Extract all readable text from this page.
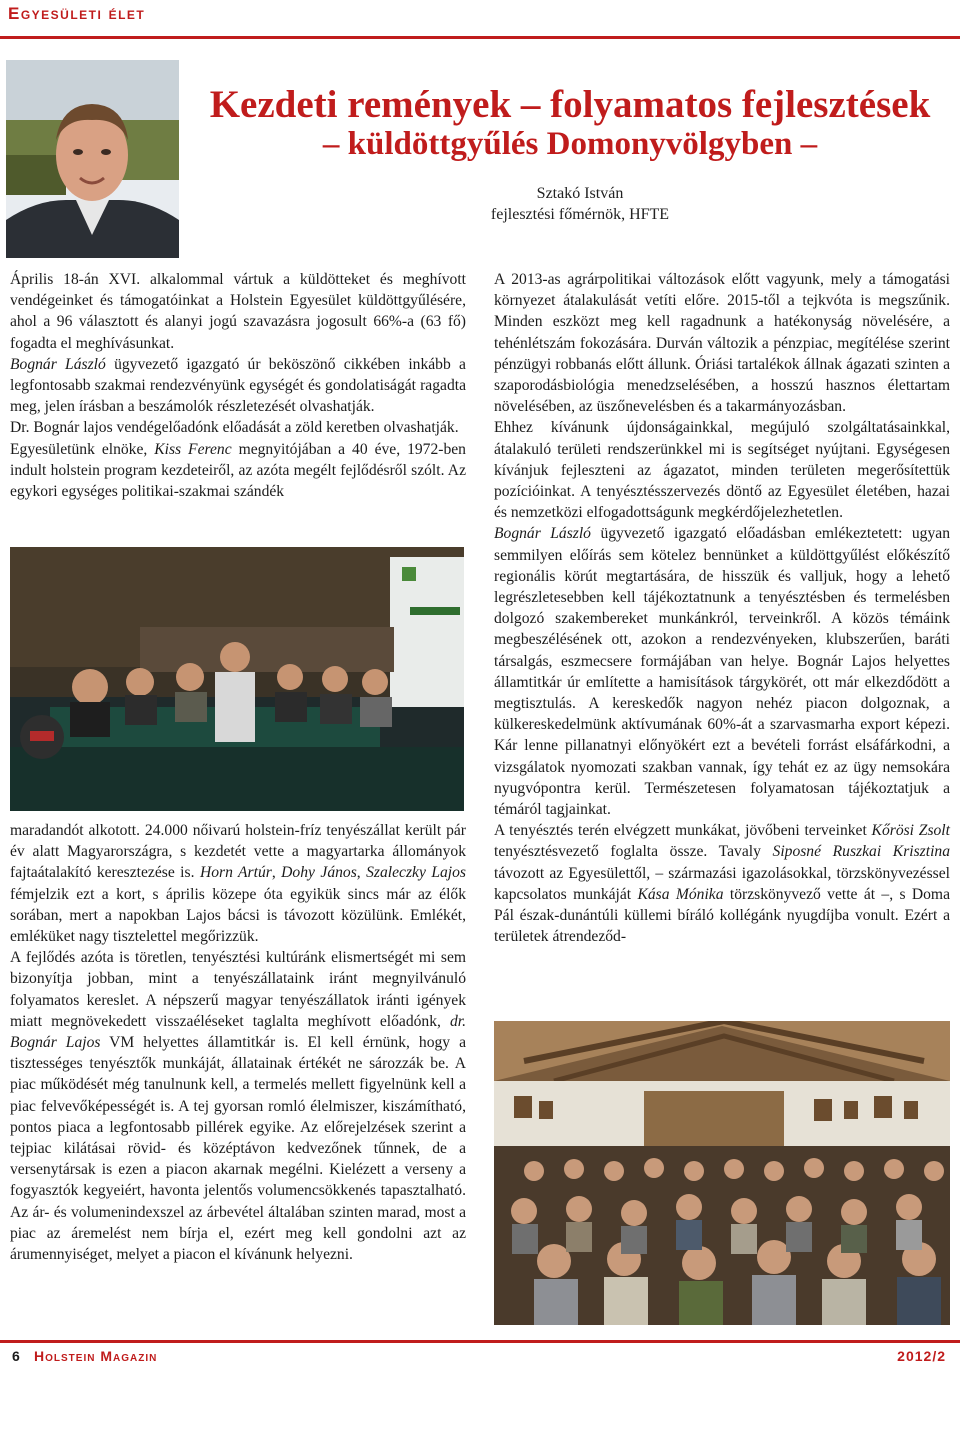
Egyesületi élet
Kezdeti remények – folyamatos fejlesztések
– küldöttgyűlés Domonyvölgyben –
Sztakó István
fejlesztési főmérnök, HFTE

Április 18-án XVI. alkalommal vártuk a küldötteket és meghívott vendégeinket és támogatóinkat a Holstein Egyesület küldöttgyűlésére, ahol a 96 választott és alanyi jogú szavazásra jogosult 66%-a (63 fő) fogadta el meghívásunkat.

Bognár László ügyvezető igazgató úr beköszönő cikkében inkább a legfontosabb szakmai rendezvényünk egységét és gondolatiságát ragadta meg, jelen írásban a beszámolók részletezését olvashatják.

Dr. Bognár lajos vendégelőadónk előadását a zöld keretben olvashatják.

Egyesületünk elnöke, Kiss Ferenc megnyitójában a 40 éve, 1972-ben indult holstein program kezdeteiről, az azóta megélt fejlődésről szólt. Az egykori egységes politikai-szakmai szándék

maradandót alkotott. 24.000 nőivarú holstein-fríz tenyészállat került pár év alatt Magyarországra, s kezdetét vette a magyartarka állományok fajtaátalakító keresztezése is. Horn Artúr, Dohy János, Szaleczky Lajos fémjelzik ezt a kort, s április közepe óta egyikük sincs már az élők sorában, mert a napokban Lajos bácsi is távozott közülünk. Emlékét, emléküket nagy tisztelettel megőrizzük.

A fejlődés azóta is töretlen, tenyésztési kultúránk elismertségét mi sem bizonyítja jobban, mint a tenyészállataink iránt megnyilvánuló folyamatos kereslet. A népszerű magyar tenyészállatok iránti igények miatt megnövekedett visszaéléseket taglalta meghívott előadónk, dr. Bognár Lajos VM helyettes államtitkár is. El kell érnünk, hogy a tisztességes tenyésztők munkáját, állatainak értékét ne sározzák be. A piac működését még tanulnunk kell, a termelés mellett figyelnünk kell a piac felvevőképességét is. A tej gyorsan romló élelmiszer, kiszámítható, pontos piaca a legfontosabb pillérek egyike. Az előrejelzések szerint a tejpiac kilátásai rövid- és középtávon kedvezőnek tűnnek, de a versenytársak is ezen a piacon akarnak megélni. Kielézett a verseny a fogyasztók kegyeiért, havonta jelentős volumencsökkenés tapasztalható. Az ár- és volumenindexszel az árbevétel általában szinten marad, most a piac az áremelést nem bírja el, ezért meg kell gondolni azt az árumennyiséget, melyet a piacon el kívánunk helyezni.

A 2013-as agrárpolitikai változások előtt vagyunk, mely a támogatási környezet átalakulását vetíti előre. 2015-től a tejkvóta is megszűnik. Minden eszközt meg kell ragadnunk a hatékonyság növelésére, a tehénlétszám fokozására. Durván változik a pénzpiac, megítélése szerint pénzügyi robbanás előtt állunk. Óriási tartalékok állnak ágazati szinten a szaporodásbiológia menedzselésében, a hosszú hasznos élettartam növelésében, az üszőnevelésben és a takarmányozásban.

Ehhez kívánunk újdonságainkkal, megújuló szolgáltatásainkkal, átalakuló területi rendszerünkkel mi is segítséget nyújtani. Egységesen kívánjuk fejleszteni az ágazatot, minden területen megerősítettük pozícióinkat. A tenyésztésszervezés döntő az Egyesület életében, hazai és nemzetközi elfogadottságunk megkérdőjelezhetetlen.

Bognár László ügyvezető igazgató előadásban emlékeztetett: ugyan semmilyen előírás sem kötelez bennünket a küldöttgyűlést előkészítő regionális körút megtartására, de hisszük és valljuk, hogy a lehető legrészletesebben kell tájékoztatnunk a tenyésztésben és termelésben dolgozó szakembereket munkánkról, terveinkről. A közös témáink megbeszélésének ott, azokon a rendezvényeken, klubszerűen, baráti társalgás, eszmecsere formájában van helye. Bognár Lajos helyettes államtitkár úr említette a hamisítások tárgykörét, ott már elkezdődött a megtisztulás. A kereskedők nagyon nehéz piacon dolgoznak, a külkereskedelmünk aktívumának 60%-át a szarvasmarha export képezi. Kár lenne pillanatnyi előnyökért ezt a bevételi forrást elsáfárkodni, a vizsgálatok nyomozati szakban vannak, így tehát ez az ügy nemsokára nyugvópontra kerül. Természetesen folyamatosan tájékoztatjuk a témáról tagjainkat.

A tenyésztés terén elvégzett munkákat, jövőbeni terveinket Kőrösi Zsolt tenyésztésvezető foglalta össze. Tavaly Siposné Ruszkai Krisztina távozott az Egyesülettől, – származási igazolásokkal, törzskönyvezéssel kapcsolatos munkáját Kása Mónika törzskönyvező vette át –, s Doma Pál észak-dunántúli küllemi bíráló kollégánk nyugdíjba vonult. Ezért a területek átrendeződ-

6 Holstein Magazin	2012/2
